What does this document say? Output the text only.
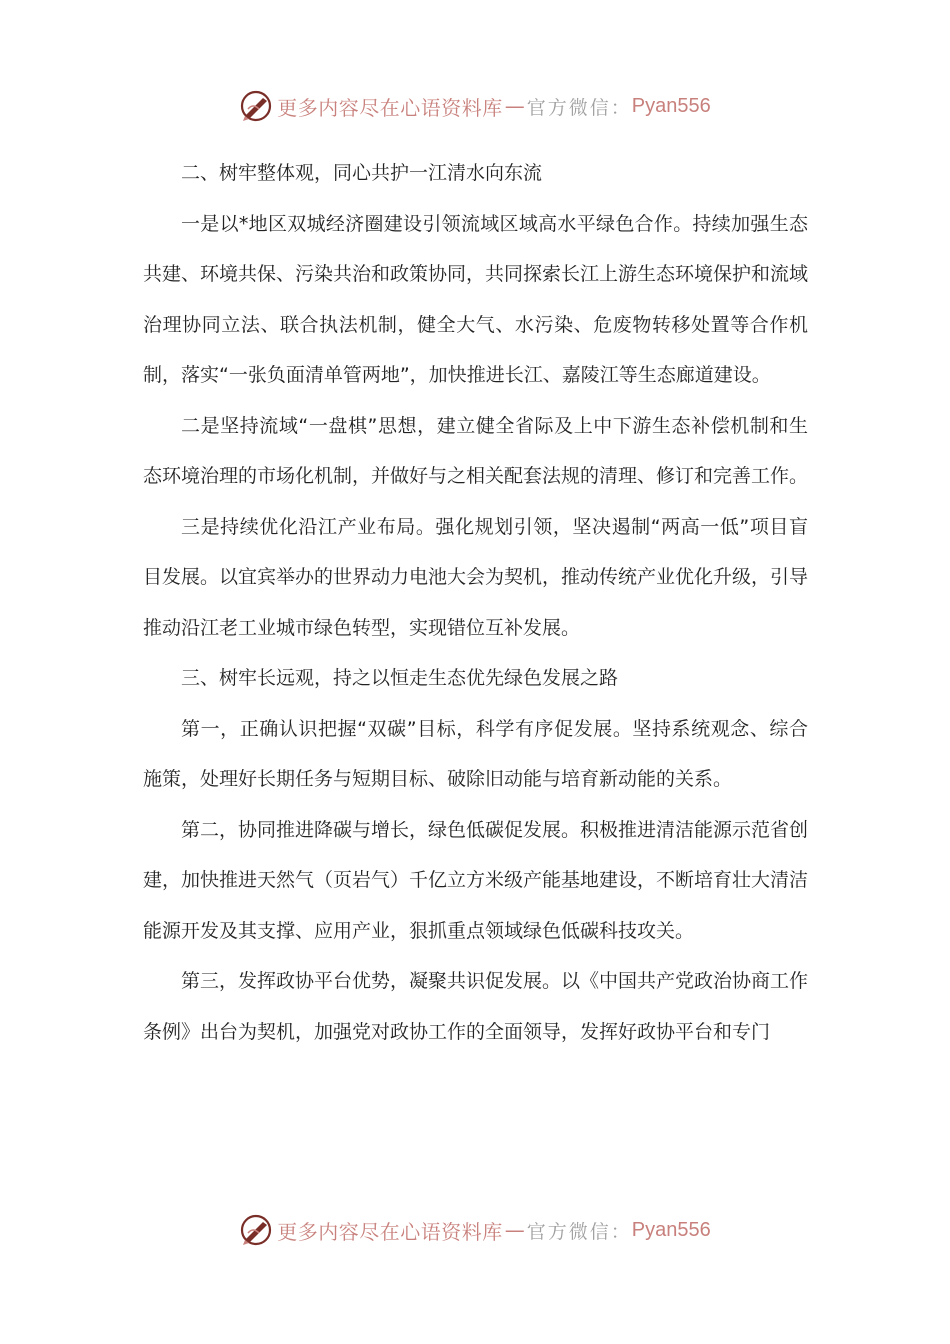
更多内容尽在心语资料库 — 官方微信： Pyan556

二、树牢整体观，同心共护一江清水向东流

一是以*地区双城经济圈建设引领流域区域高水平绿色合作。持续加强生态共建、环境共保、污染共治和政策协同，共同探索长江上游生态环境保护和流域治理协同立法、联合执法机制，健全大气、水污染、危废物转移处置等合作机制，落实“一张负面清单管两地”，加快推进长江、嘉陵江等生态廊道建设。

二是坚持流域“一盘棋”思想，建立健全省际及上中下游生态补偿机制和生态环境治理的市场化机制，并做好与之相关配套法规的清理、修订和完善工作。

三是持续优化沿江产业布局。强化规划引领，坚决遏制“两高一低”项目盲目发展。以宜宾举办的世界动力电池大会为契机，推动传统产业优化升级，引导推动沿江老工业城市绿色转型，实现错位互补发展。

三、树牢长远观，持之以恒走生态优先绿色发展之路

第一，正确认识把握“双碳”目标，科学有序促发展。坚持系统观念、综合施策，处理好长期任务与短期目标、破除旧动能与培育新动能的关系。

第二，协同推进降碳与增长，绿色低碳促发展。积极推进清洁能源示范省创建，加快推进天然气（页岩气）千亿立方米级产能基地建设，不断培育壮大清洁能源开发及其支撑、应用产业，狠抓重点领域绿色低碳科技攻关。

第三，发挥政协平台优势，凝聚共识促发展。以《中国共产党政治协商工作条例》出台为契机，加强党对政协工作的全面领导，发挥好政协平台和专门

更多内容尽在心语资料库 — 官方微信： Pyan556
